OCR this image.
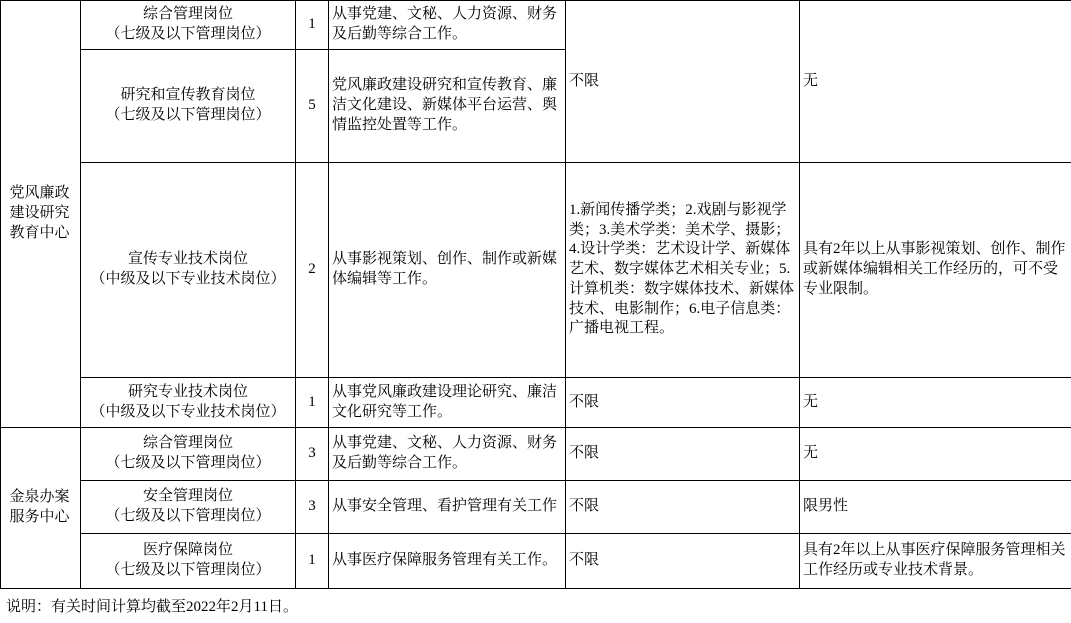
党风廉政建设研究教育中心	综合管理岗位
（七级及以下管理岗位）	1	从事党建、文秘、人力资源、财务及后勤等综合工作。	不限	无

	研究和宣传教育岗位
（七级及以下管理岗位）	5	党风廉政建设研究和宣传教育、廉洁文化建设、新媒体平台运营、舆情监控处置等工作。		

	宣传专业技术岗位
（中级及以下专业技术岗位）	2	从事影视策划、创作、制作或新媒体编辑等工作。	1.新闻传播学类；2.戏剧与影视学类；3.美术学类：美术学、摄影；4.设计学类：艺术设计学、新媒体艺术、数字媒体艺术相关专业；5.计算机类：数字媒体技术、新媒体技术、电影制作；6.电子信息类：广播电视工程。	具有2年以上从事影视策划、创作、制作或新媒体编辑相关工作经历的，可不受专业限制。

	研究专业技术岗位
（中级及以下专业技术岗位）	1	从事党风廉政建设理论研究、廉洁文化研究等工作。	不限	无

金泉办案服务中心	综合管理岗位
（七级及以下管理岗位）	3	从事党建、文秘、人力资源、财务及后勤等综合工作。	不限	无

	安全管理岗位
（七级及以下管理岗位）	3	从事安全管理、看护管理有关工作	不限	限男性

	医疗保障岗位
（七级及以下管理岗位）	1	从事医疗保障服务管理有关工作。	不限	具有2年以上从事医疗保障服务管理相关工作经历或专业技术背景。
说明：有关时间计算均截至2022年2月11日。
